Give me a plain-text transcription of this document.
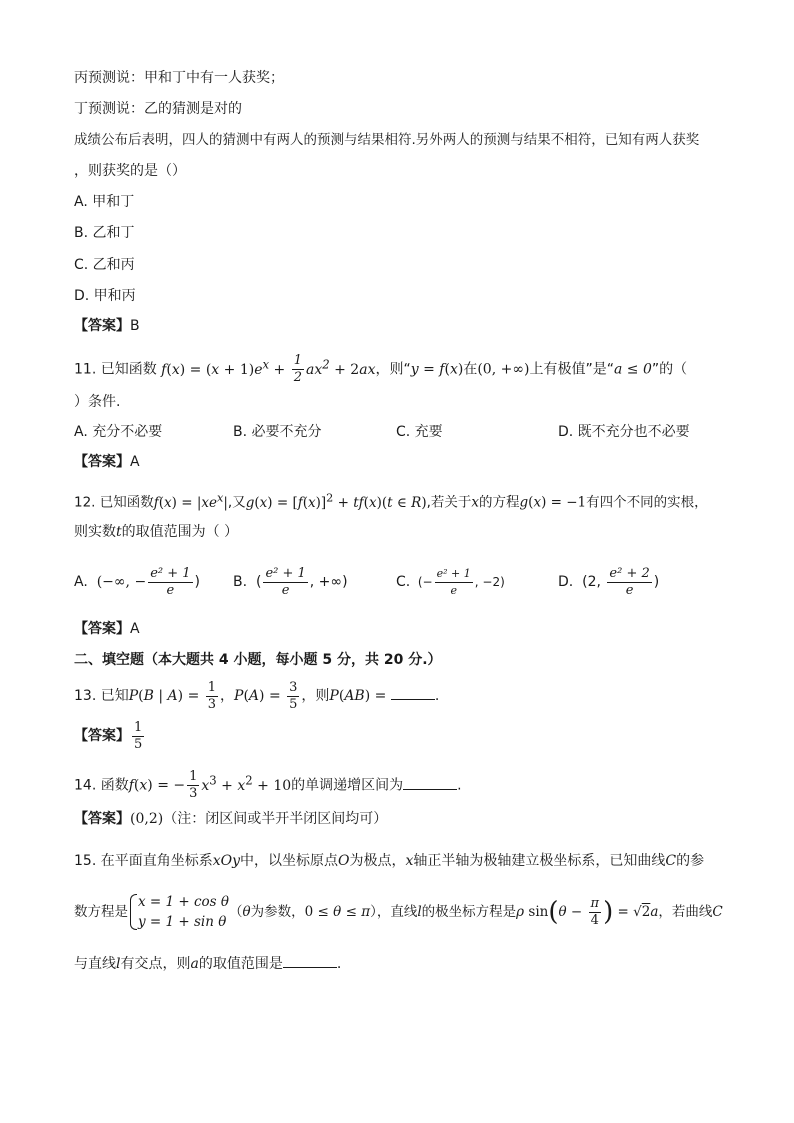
丙预测说：甲和丁中有一人获奖；
丁预测说：乙的猜测是对的
成绩公布后表明，四人的猜测中有两人的预测与结果相符.另外两人的预测与结果不相符，已知有两人获奖
，则获奖的是（）
A. 甲和丁
B. 乙和丁
C. 乙和丙
D. 甲和丙
【答案】B
11. 已知函数 $f(x) = (x + 1)e^x + \frac{1}{2} ax^2 + 2ax$，则“y = f(x)在(0, +∞)上有极值”是“a ≤ 0”的（
）条件.
A. 充分不必要	B. 必要不充分	C. 充要	D. 既不充分也不必要
【答案】A
12. 已知函数$f(x) = |xe^x|$,又$g(x) = [f(x)]^2 + tf(x)(t$ ∈ R),若关于x的方程g(x) = −1有四个不同的实根，
则实数t的取值范围为（ ）
A. (−∞, − $\frac{\text{e² + 1}}{e}$ ) B. ( $\frac{\text{e² + 1}}{e}$ , +∞)	C. (− $\frac{\text{e² + 1}}{e}$ , −2)	D. (2, $\frac{\text{e² + 2}}{e}$ )
【答案】A
二、填空题（本大题共 4 小题，每小题 5 分，共 20 分.）
13. 已知P(B | $A) = \frac{1}{3}$ ，$P(A) = \frac{3}{5}$ ，则P(AB) =	.
【答案】 $\frac{1}{5}$
14. 函数f(x) = − $\frac{1}{3} x^3 + x^2 + 10$的单调递增区间为	.
【答案】(0,2)（注：闭区间或半开半闭区间均可）
15. 在平面直角坐标系xOy中，以坐标原点O为极点，x轴正半轴为极轴建立极坐标系，已知曲线C的参
数方程是
x = 1 + cos θ
y = 1 + sin θ
（θ为参数，0 ≤ θ ≤ π），直线l的极坐标方程是ρ $\sin(\theta - \frac{\pi}{4}$ ) = √2a，若曲线C
与直线l有交点，则a的取值范围是	.
